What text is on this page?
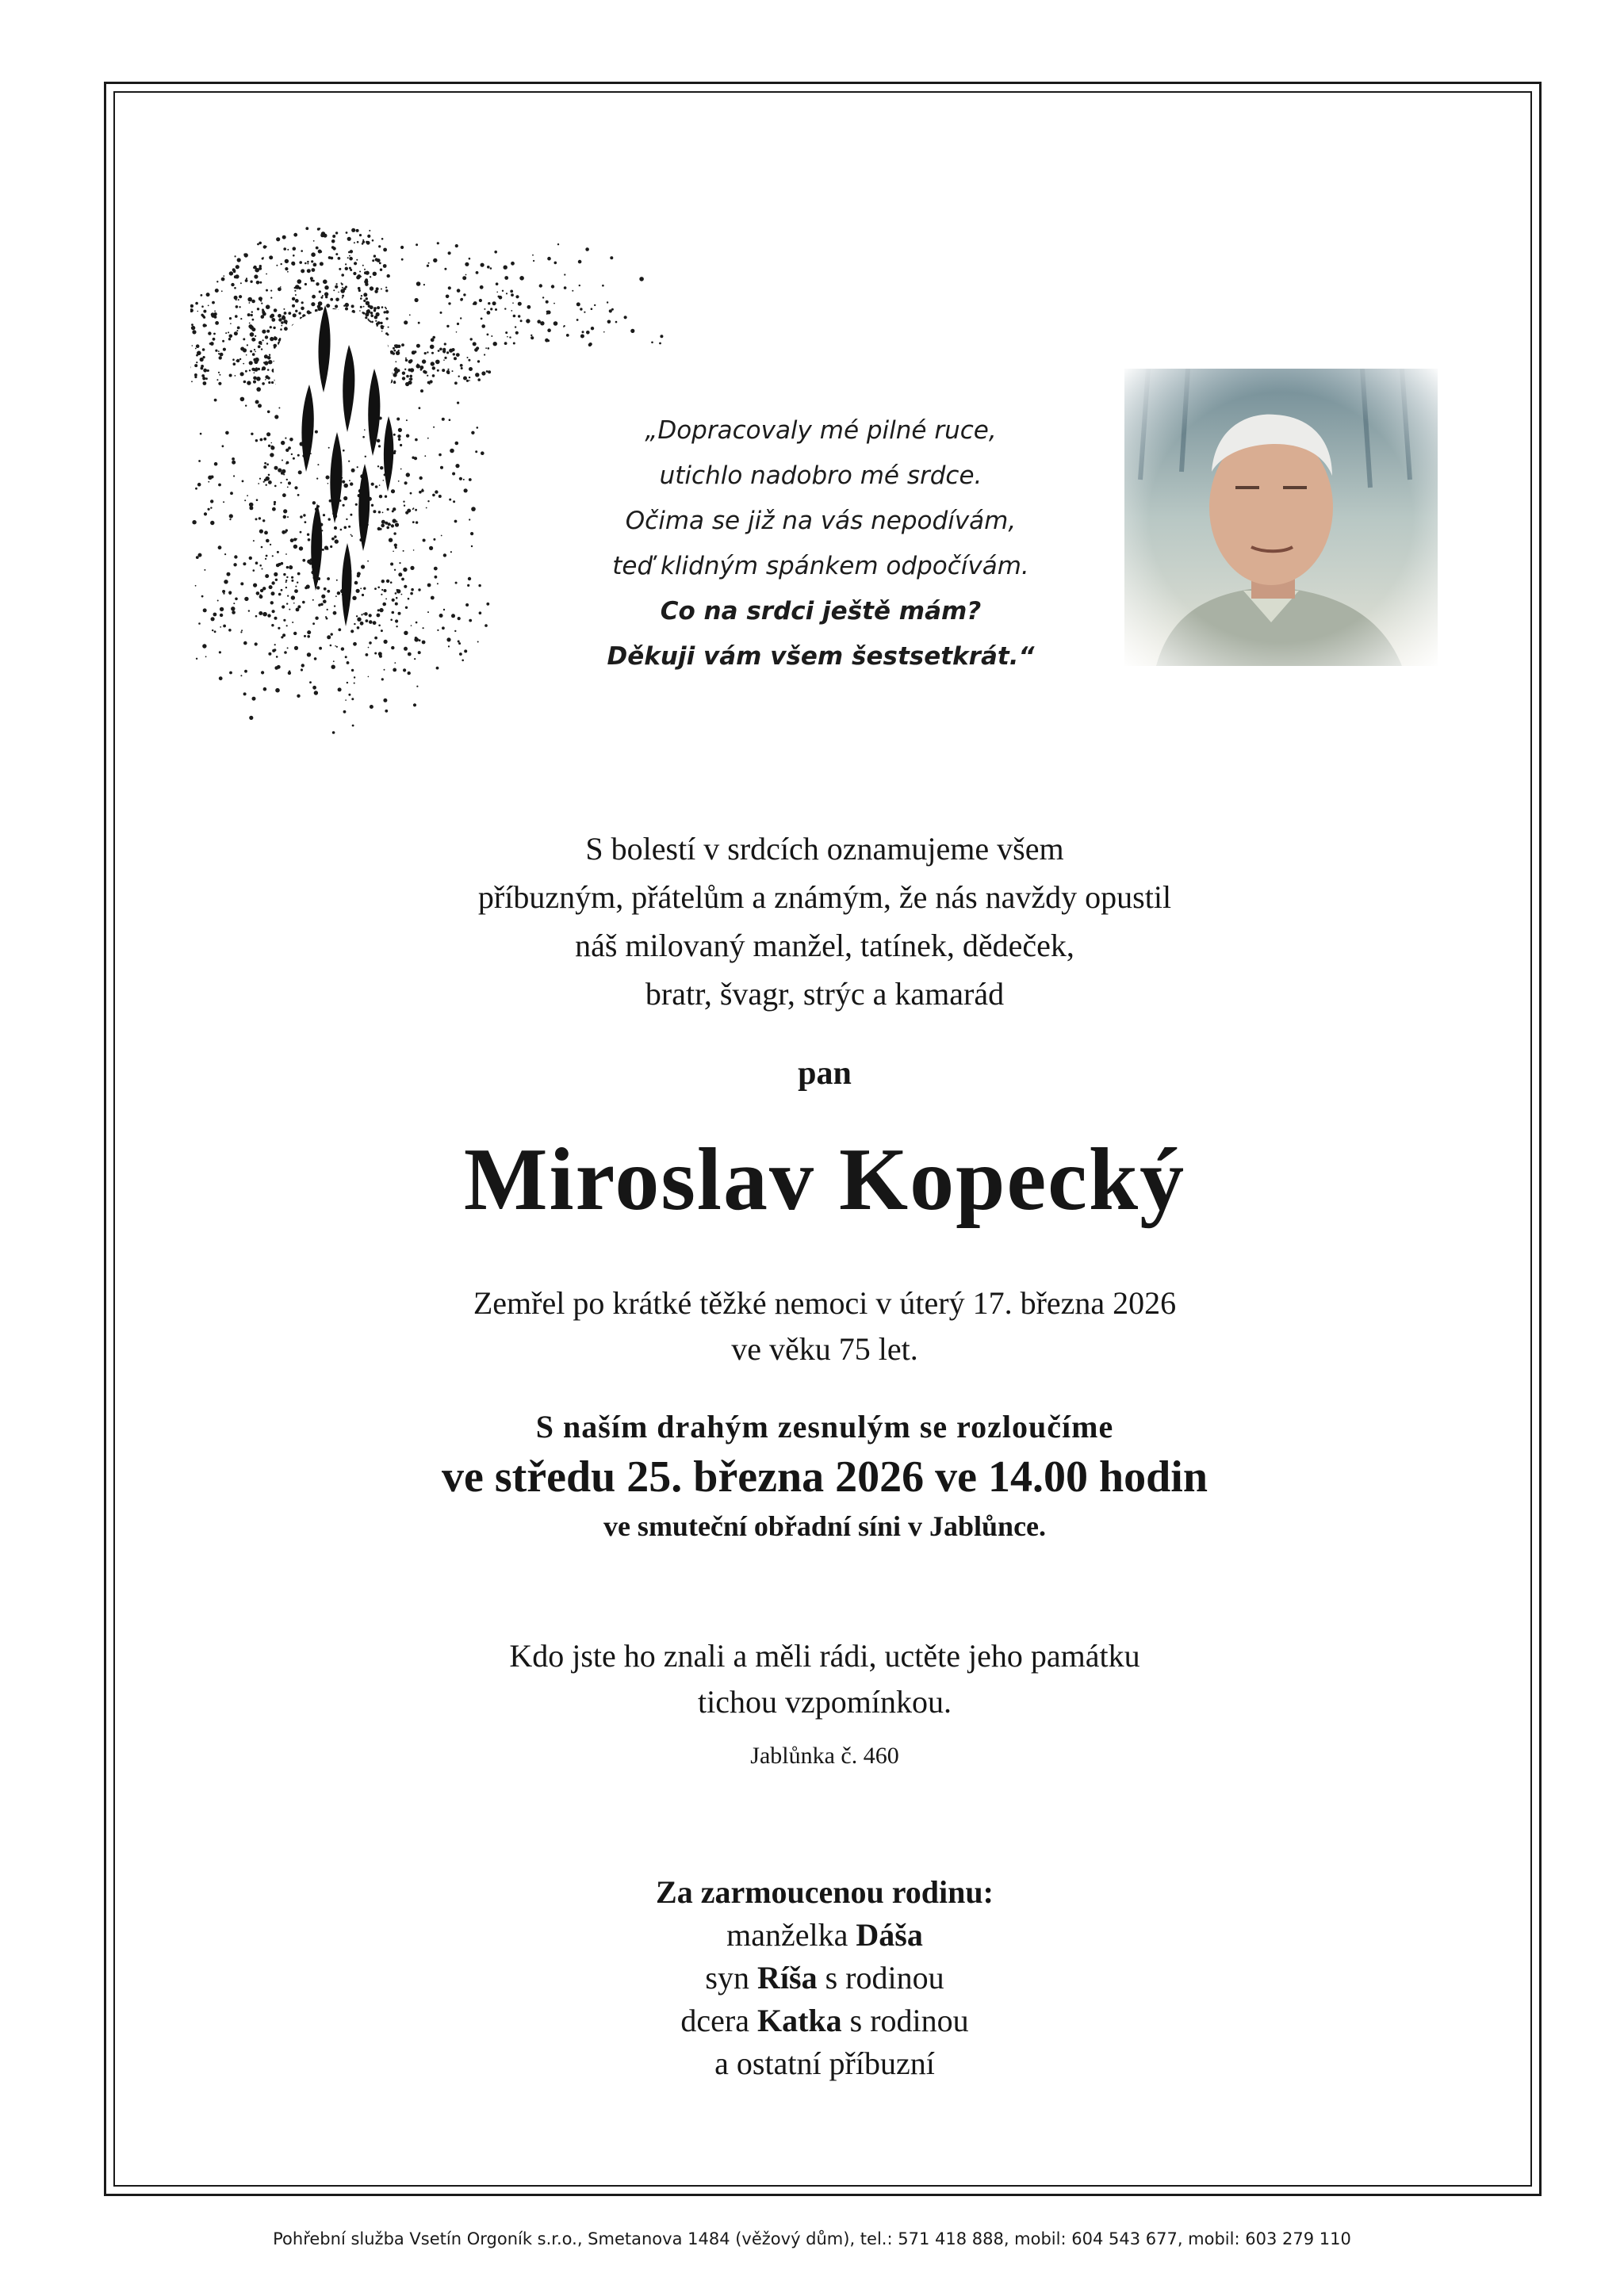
„Dopracovaly mé pilné ruce,
utichlo nadobro mé srdce.
Očima se již na vás nepodívám,
teď klidným spánkem odpočívám.
Co na srdci ještě mám?
Děkuji vám všem šestsetkrát.“
S bolestí v srdcích oznamujeme všem
příbuzným, přátelům a známým, že nás navždy opustil
náš milovaný manžel, tatínek, dědeček,
bratr, švagr, strýc a kamarád
pan
Miroslav Kopecký
Zemřel po krátké těžké nemoci v úterý 17. března 2026
ve věku 75 let.
S naším drahým zesnulým se rozloučíme
ve středu 25. března 2026 ve 14.00 hodin
ve smuteční obřadní síni v Jablůnce.
Kdo jste ho znali a měli rádi, uctěte jeho památku
tichou vzpomínkou.
Jablůnka č. 460
Za zarmoucenou rodinu:
manželka Dáša
syn Ríša s rodinou
dcera Katka s rodinou
a ostatní příbuzní
Pohřební služba Vsetín Orgoník s.r.o., Smetanova 1484 (věžový dům), tel.: 571 418 888, mobil: 604 543 677, mobil: 603 279 110
